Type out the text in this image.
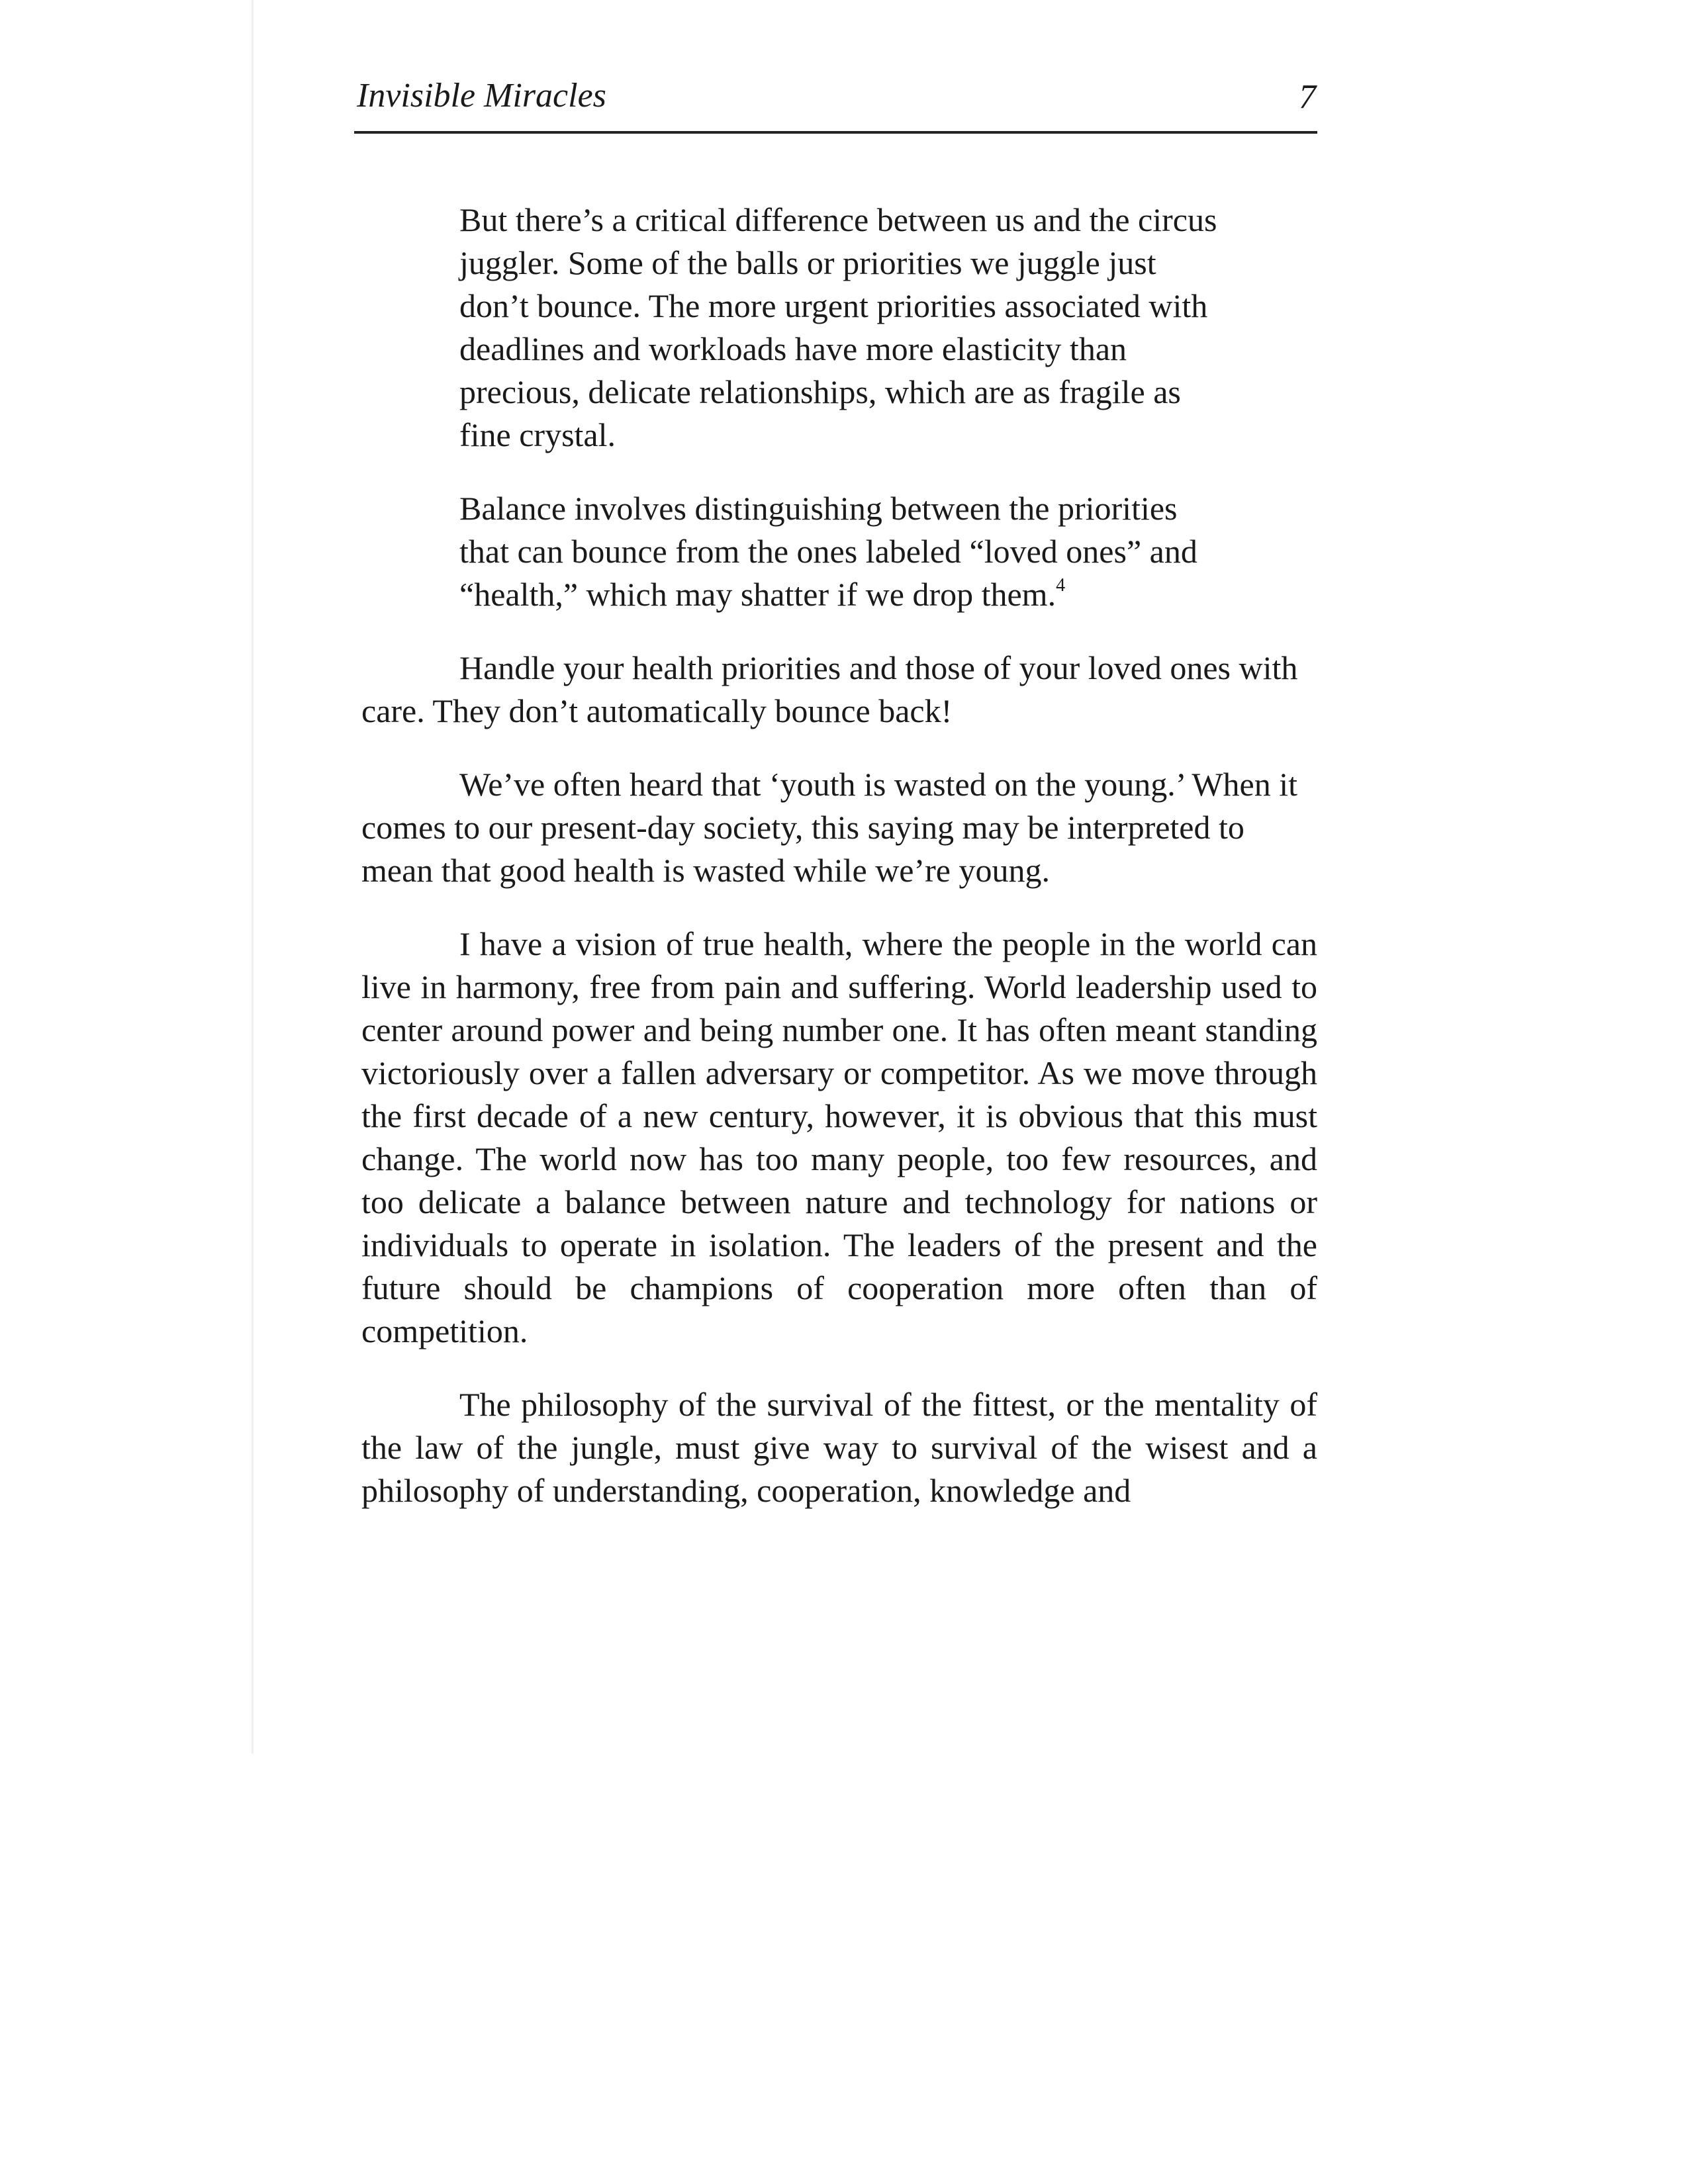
Invisible Miracles	7

But there’s a critical difference between us and the circus juggler. Some of the balls or priorities we juggle just don’t bounce. The more urgent priorities associated with deadlines and workloads have more elasticity than precious, delicate relationships, which are as fragile as fine crystal.

Balance involves distinguishing between the priorities that can bounce from the ones labeled “loved ones” and “health,” which may shatter if we drop them.$^4$

Handle your health priorities and those of your loved ones with care. They don’t automatically bounce back!

We’ve often heard that ‘youth is wasted on the young.’ When it comes to our present-day society, this saying may be interpreted to mean that good health is wasted while we’re young.

I have a vision of true health, where the people in the world can live in harmony, free from pain and suffering. World leadership used to center around power and being number one. It has often meant standing victoriously over a fallen adversary or competitor. As we move through the first decade of a new century, however, it is obvious that this must change. The world now has too many people, too few resources, and too delicate a balance between nature and technology for nations or individuals to operate in isolation. The leaders of the present and the future should be champions of cooperation more often than of competition.

The philosophy of the survival of the fittest, or the mentality of the law of the jungle, must give way to survival of the wisest and a philosophy of understanding, cooperation, knowledge and
